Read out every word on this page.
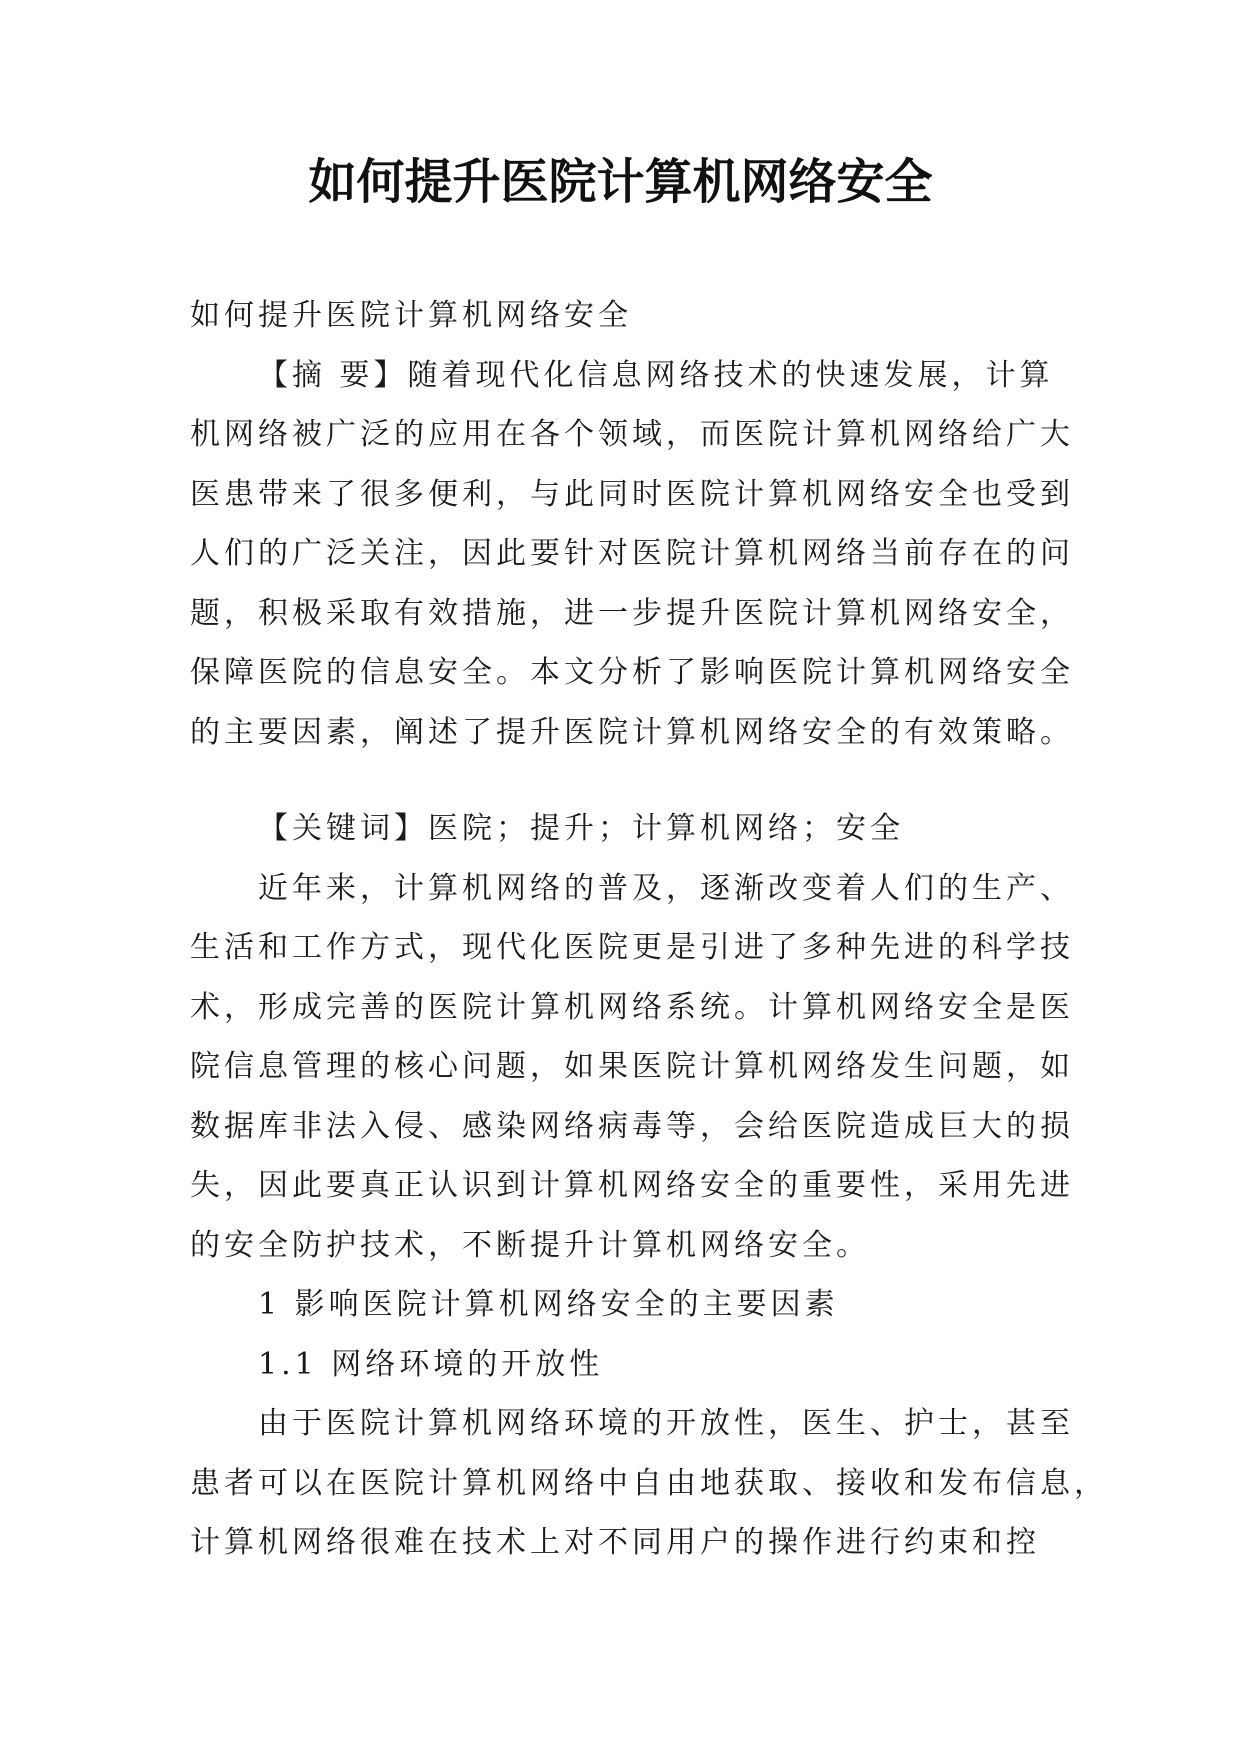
如何提升医院计算机网络安全
如何提升医院计算机网络安全
【摘 要】随着现代化信息网络技术的快速发展，计算
机网络被广泛的应用在各个领域，而医院计算机网络给广大
医患带来了很多便利，与此同时医院计算机网络安全也受到
人们的广泛关注，因此要针对医院计算机网络当前存在的问
题，积极采取有效措施，进一步提升医院计算机网络安全，
保障医院的信息安全。本文分析了影响医院计算机网络安全
的主要因素，阐述了提升医院计算机网络安全的有效策略。
【关键词】医院；提升；计算机网络；安全
近年来，计算机网络的普及，逐渐改变着人们的生产、
生活和工作方式，现代化医院更是引进了多种先进的科学技
术，形成完善的医院计算机网络系统。计算机网络安全是医
院信息管理的核心问题，如果医院计算机网络发生问题，如
数据库非法入侵、感染网络病毒等，会给医院造成巨大的损
失，因此要真正认识到计算机网络安全的重要性，采用先进
的安全防护技术，不断提升计算机网络安全。
1 影响医院计算机网络安全的主要因素
1.1 网络环境的开放性
由于医院计算机网络环境的开放性，医生、护士，甚至
患者可以在医院计算机网络中自由地获取、接收和发布信息，
计算机网络很难在技术上对不同用户的操作进行约束和控
